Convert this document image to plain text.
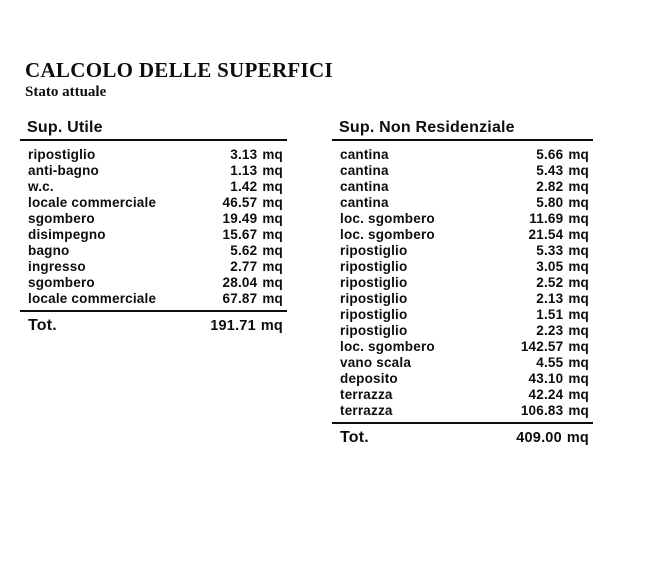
CALCOLO DELLE SUPERFICI
Stato attuale
Sup. Utile
ripostiglio	3.13 mq
anti-bagno	1.13 mq
w.c.	1.42 mq
locale commerciale	46.57 mq
sgombero	19.49 mq
disimpegno	15.67 mq
bagno	5.62 mq
ingresso	2.77 mq
sgombero	28.04 mq
locale commerciale	67.87 mq
Tot.	191.71 mq
Sup. Non Residenziale
cantina	5.66 mq
cantina	5.43 mq
cantina	2.82 mq
cantina	5.80 mq
loc. sgombero	11.69 mq
loc. sgombero	21.54 mq
ripostiglio	5.33 mq
ripostiglio	3.05 mq
ripostiglio	2.52 mq
ripostiglio	2.13 mq
ripostiglio	1.51 mq
ripostiglio	2.23 mq
loc. sgombero	142.57 mq
vano scala	4.55 mq
deposito	43.10 mq
terrazza	42.24 mq
terrazza	106.83 mq
Tot.	409.00 mq
